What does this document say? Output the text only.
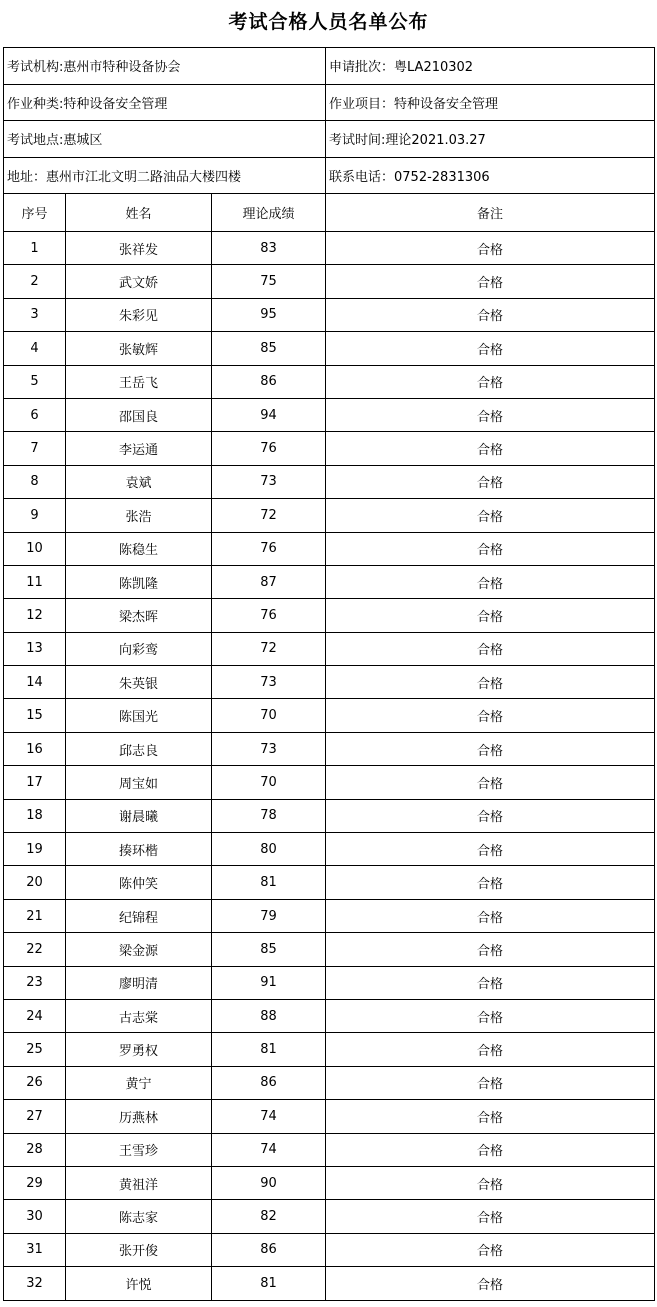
考试合格人员名单公布
考试机构:惠州市特种设备协会			申请批次：粤LA210302
作业种类:特种设备安全管理			作业项目：特种设备安全管理
考试地点:惠城区			考试时间:理论2021.03.27
地址：惠州市江北文明二路油品大楼四楼			联系电话：0752-2831306
序号	姓名	理论成绩	备注
1	张祥发	83	合格
2	武文娇	75	合格
3	朱彩见	95	合格
4	张敏辉	85	合格
5	王岳飞	86	合格
6	邵国良	94	合格
7	李运通	76	合格
8	袁斌	73	合格
9	张浩	72	合格
10	陈稳生	76	合格
11	陈凯隆	87	合格
12	梁杰晖	76	合格
13	向彩鸾	72	合格
14	朱英银	73	合格
15	陈国光	70	合格
16	邱志良	73	合格
17	周宝如	70	合格
18	谢晨曦	78	合格
19	揍环楷	80	合格
20	陈仲笑	81	合格
21	纪锦程	79	合格
22	梁金源	85	合格
23	廖明清	91	合格
24	古志棠	88	合格
25	罗勇权	81	合格
26	黄宁	86	合格
27	历燕林	74	合格
28	王雪珍	74	合格
29	黄祖洋	90	合格
30	陈志家	82	合格
31	张开俊	86	合格
32	许悦	81	合格
